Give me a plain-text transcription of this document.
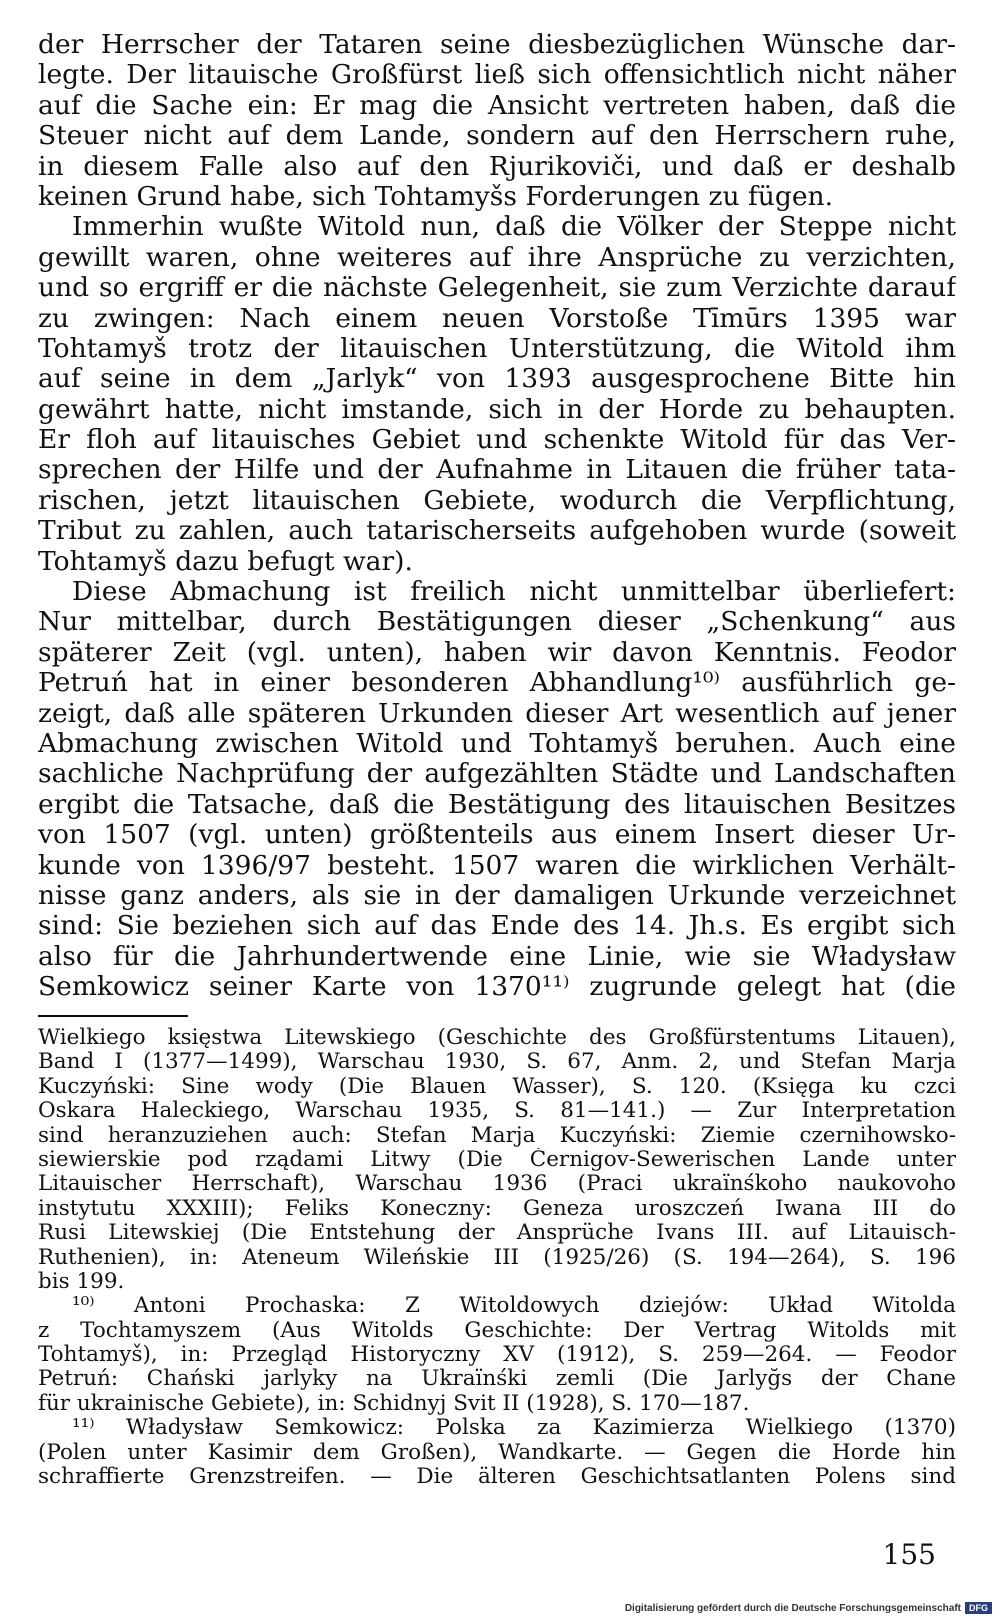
der Herrscher der Tataren seine diesbezüglichen Wünsche dar-
legte. Der litauische Großfürst ließ sich offensichtlich nicht näher
auf die Sache ein: Er mag die Ansicht vertreten haben, daß die
Steuer nicht auf dem Lande, sondern auf den Herrschern ruhe,
in diesem Falle also auf den Rjurikoviči, und daß er deshalb
keinen Grund habe, sich Tohtamyšs Forderungen zu fügen.
Immerhin wußte Witold nun, daß die Völker der Steppe nicht
gewillt waren, ohne weiteres auf ihre Ansprüche zu verzichten,
und so ergriff er die nächste Gelegenheit, sie zum Verzichte darauf
zu zwingen: Nach einem neuen Vorstoße Tīmūrs 1395 war
Tohtamyš trotz der litauischen Unterstützung, die Witold ihm
auf seine in dem „Jarlyk“ von 1393 ausgesprochene Bitte hin
gewährt hatte, nicht imstande, sich in der Horde zu behaupten.
Er floh auf litauisches Gebiet und schenkte Witold für das Ver-
sprechen der Hilfe und der Aufnahme in Litauen die früher tata-
rischen, jetzt litauischen Gebiete, wodurch die Verpflichtung,
Tribut zu zahlen, auch tatarischerseits aufgehoben wurde (soweit
Tohtamyš dazu befugt war).
Diese Abmachung ist freilich nicht unmittelbar überliefert:
Nur mittelbar, durch Bestätigungen dieser „Schenkung“ aus
späterer Zeit (vgl. unten), haben wir davon Kenntnis. Feodor
Petruń hat in einer besonderen Abhandlung¹⁰⁾ ausführlich ge-
zeigt, daß alle späteren Urkunden dieser Art wesentlich auf jener
Abmachung zwischen Witold und Tohtamyš beruhen. Auch eine
sachliche Nachprüfung der aufgezählten Städte und Landschaften
ergibt die Tatsache, daß die Bestätigung des litauischen Besitzes
von 1507 (vgl. unten) größtenteils aus einem Insert dieser Ur-
kunde von 1396/97 besteht. 1507 waren die wirklichen Verhält-
nisse ganz anders, als sie in der damaligen Urkunde verzeichnet
sind: Sie beziehen sich auf das Ende des 14. Jh.s. Es ergibt sich
also für die Jahrhundertwende eine Linie, wie sie Władysław
Semkowicz seiner Karte von 1370¹¹⁾ zugrunde gelegt hat (die
Wielkiego księstwa Litewskiego (Geschichte des Großfürstentums Litauen),
Band I (1377—1499), Warschau 1930, S. 67, Anm. 2, und Stefan Marja
Kuczyński: Sine wody (Die Blauen Wasser), S. 120. (Księga ku czci
Oskara Haleckiego, Warschau 1935, S. 81—141.) — Zur Interpretation
sind heranzuziehen auch: Stefan Marja Kuczyński: Ziemie czernihowsko-
siewierskie pod rządami Litwy (Die Černigov-Sewerischen Lande unter
Litauischer Herrschaft), Warschau 1936 (Praci ukraïnśkoho naukovoho
instytutu XXXIII); Feliks Koneczny: Geneza uroszczeń Iwana III do
Rusi Litewskiej (Die Entstehung der Ansprüche Ivans III. auf Litauisch-
Ruthenien), in: Ateneum Wileńskie III (1925/26) (S. 194—264), S. 196
bis 199.
¹⁰⁾ Antoni Prochaska: Z Witoldowych dziejów: Układ Witolda
z Tochtamyszem (Aus Witolds Geschichte: Der Vertrag Witolds mit
Tohtamyš), in: Przegląd Historyczny XV (1912), S. 259—264. — Feodor
Petruń: Chański jarlyky na Ukraïnśki zemli (Die Jarlyğs der Chane
für ukrainische Gebiete), in: Schidnyj Svit II (1928), S. 170—187.
¹¹⁾ Władysław Semkowicz: Polska za Kazimierza Wielkiego (1370)
(Polen unter Kasimir dem Großen), Wandkarte. — Gegen die Horde hin
schraffierte Grenzstreifen. — Die älteren Geschichtsatlanten Polens sind
155
Digitalisierung gefördert durch die Deutsche Forschungsgemeinschaft DFG
